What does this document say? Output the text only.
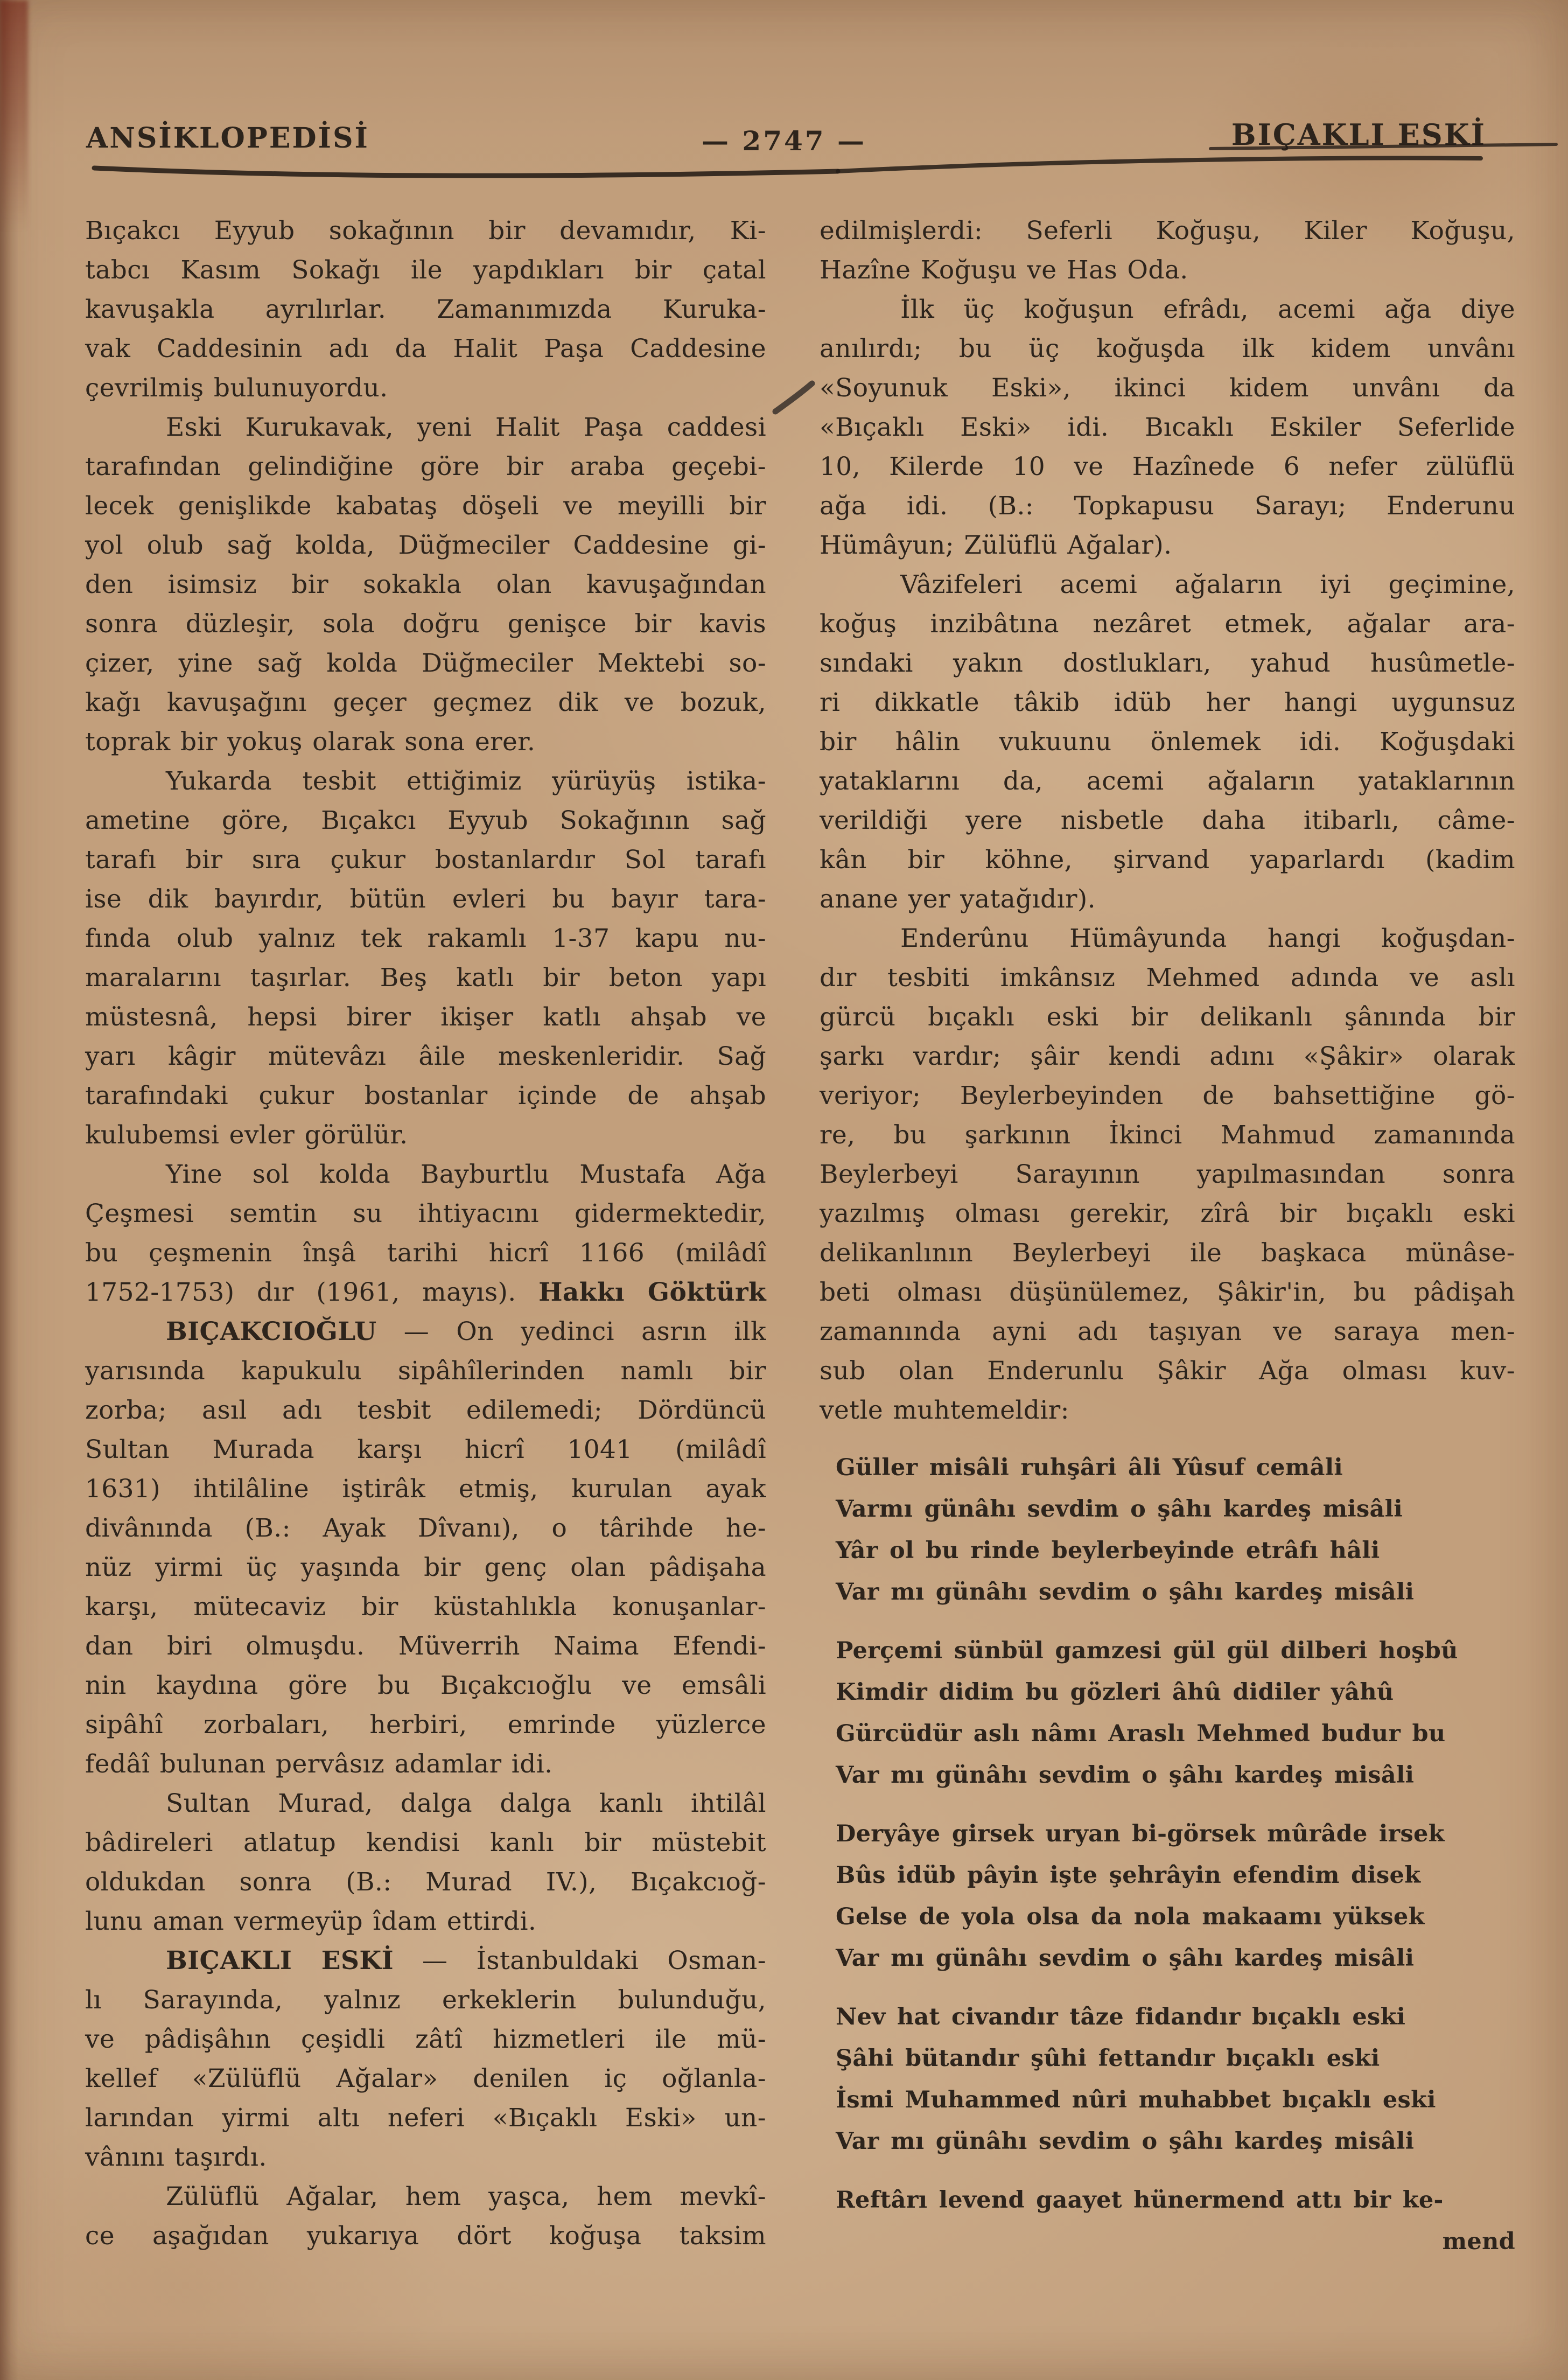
ANSİKLOPEDİSİ	— 2747 —	BIÇAKLI ESKİ
Bıçakcı Eyyub sokağının bir devamıdır, Ki-
tabcı Kasım Sokağı ile yapdıkları bir çatal
kavuşakla ayrılırlar. Zamanımızda Kuruka-
vak Caddesinin adı da Halit Paşa Caddesine
çevrilmiş bulunuyordu.
Eski Kurukavak, yeni Halit Paşa caddesi
tarafından gelindiğine göre bir araba geçebi-
lecek genişlikde kabataş döşeli ve meyilli bir
yol olub sağ kolda, Düğmeciler Caddesine gi-
den isimsiz bir sokakla olan kavuşağından
sonra düzleşir, sola doğru genişce bir kavis
çizer, yine sağ kolda Düğmeciler Mektebi so-
kağı kavuşağını geçer geçmez dik ve bozuk,
toprak bir yokuş olarak sona erer.
Yukarda tesbit ettiğimiz yürüyüş istika-
ametine göre, Bıçakcı Eyyub Sokağının sağ
tarafı bir sıra çukur bostanlardır Sol tarafı
ise dik bayırdır, bütün evleri bu bayır tara-
fında olub yalnız tek rakamlı 1-37 kapu nu-
maralarını taşırlar. Beş katlı bir beton yapı
müstesnâ, hepsi birer ikişer katlı ahşab ve
yarı kâgir mütevâzı âile meskenleridir. Sağ
tarafındaki çukur bostanlar içinde de ahşab
kulubemsi evler görülür.
Yine sol kolda Bayburtlu Mustafa Ağa
Çeşmesi semtin su ihtiyacını gidermektedir,
bu çeşmenin înşâ tarihi hicrî 1166 (milâdî
1752-1753) dır (1961, mayıs). Hakkı Göktürk
BIÇAKCIOĞLU — On yedinci asrın ilk
yarısında kapukulu sipâhîlerinden namlı bir
zorba; asıl adı tesbit edilemedi; Dördüncü
Sultan Murada karşı hicrî 1041 (milâdî
1631) ihtilâline iştirâk etmiş, kurulan ayak
divânında (B.: Ayak Dîvanı), o târihde he-
nüz yirmi üç yaşında bir genç olan pâdişaha
karşı, mütecaviz bir küstahlıkla konuşanlar-
dan biri olmuşdu. Müverrih Naima Efendi-
nin kaydına göre bu Bıçakcıoğlu ve emsâli
sipâhî zorbaları, herbiri, emrinde yüzlerce
fedâî bulunan pervâsız adamlar idi.
Sultan Murad, dalga dalga kanlı ihtilâl
bâdireleri atlatup kendisi kanlı bir müstebit
oldukdan sonra (B.: Murad IV.), Bıçakcıoğ-
lunu aman vermeyüp îdam ettirdi.
BIÇAKLI ESKİ — İstanbuldaki Osman-
lı Sarayında, yalnız erkeklerin bulunduğu,
ve pâdişâhın çeşidli zâtî hizmetleri ile mü-
kellef «Zülüflü Ağalar» denilen iç oğlanla-
larından yirmi altı neferi «Bıçaklı Eski» un-
vânını taşırdı.
Zülüflü Ağalar, hem yaşca, hem mevkî-
ce aşağıdan yukarıya dört koğuşa taksim
edilmişlerdi: Seferli Koğuşu, Kiler Koğuşu,
Hazîne Koğuşu ve Has Oda.
İlk üç koğuşun efrâdı, acemi ağa diye
anılırdı; bu üç koğuşda ilk kidem unvânı
«Soyunuk Eski», ikinci kidem unvânı da
«Bıçaklı Eski» idi. Bıcaklı Eskiler Seferlide
10, Kilerde 10 ve Hazînede 6 nefer zülüflü
ağa idi. (B.: Topkapusu Sarayı; Enderunu
Hümâyun; Zülüflü Ağalar).
Vâzifeleri acemi ağaların iyi geçimine,
koğuş inzibâtına nezâret etmek, ağalar ara-
sındaki yakın dostlukları, yahud husûmetle-
ri dikkatle tâkib idüb her hangi uygunsuz
bir hâlin vukuunu önlemek idi. Koğuşdaki
yataklarını da, acemi ağaların yataklarının
verildiği yere nisbetle daha itibarlı, câme-
kân bir köhne, şirvand yaparlardı (kadim
anane yer yatağıdır).
Enderûnu Hümâyunda hangi koğuşdan-
dır tesbiti imkânsız Mehmed adında ve aslı
gürcü bıçaklı eski bir delikanlı şânında bir
şarkı vardır; şâir kendi adını «Şâkir» olarak
veriyor; Beylerbeyinden de bahsettiğine gö-
re, bu şarkının İkinci Mahmud zamanında
Beylerbeyi Sarayının yapılmasından sonra
yazılmış olması gerekir, zîrâ bir bıçaklı eski
delikanlının Beylerbeyi ile başkaca münâse-
beti olması düşünülemez, Şâkir'in, bu pâdişah
zamanında ayni adı taşıyan ve saraya men-
sub olan Enderunlu Şâkir Ağa olması kuv-
vetle muhtemeldir:
Güller misâli ruhşâri âli Yûsuf cemâli
Varmı günâhı sevdim o şâhı kardeş misâli
Yâr ol bu rinde beylerbeyinde etrâfı hâli
Var mı günâhı sevdim o şâhı kardeş misâli
Perçemi sünbül gamzesi gül gül dilberi hoşbû
Kimdir didim bu gözleri âhû didiler yâhû
Gürcüdür aslı nâmı Araslı Mehmed budur bu
Var mı günâhı sevdim o şâhı kardeş misâli
Deryâye girsek uryan bi-görsek mûrâde irsek
Bûs idüb pâyin işte şehrâyin efendim disek
Gelse de yola olsa da nola makaamı yüksek
Var mı günâhı sevdim o şâhı kardeş misâli
Nev hat civandır tâze fidandır bıçaklı eski
Şâhi bütandır şûhi fettandır bıçaklı eski
İsmi Muhammed nûri muhabbet bıçaklı eski
Var mı günâhı sevdim o şâhı kardeş misâli
Reftârı levend gaayet hünermend attı bir ke-
mend
